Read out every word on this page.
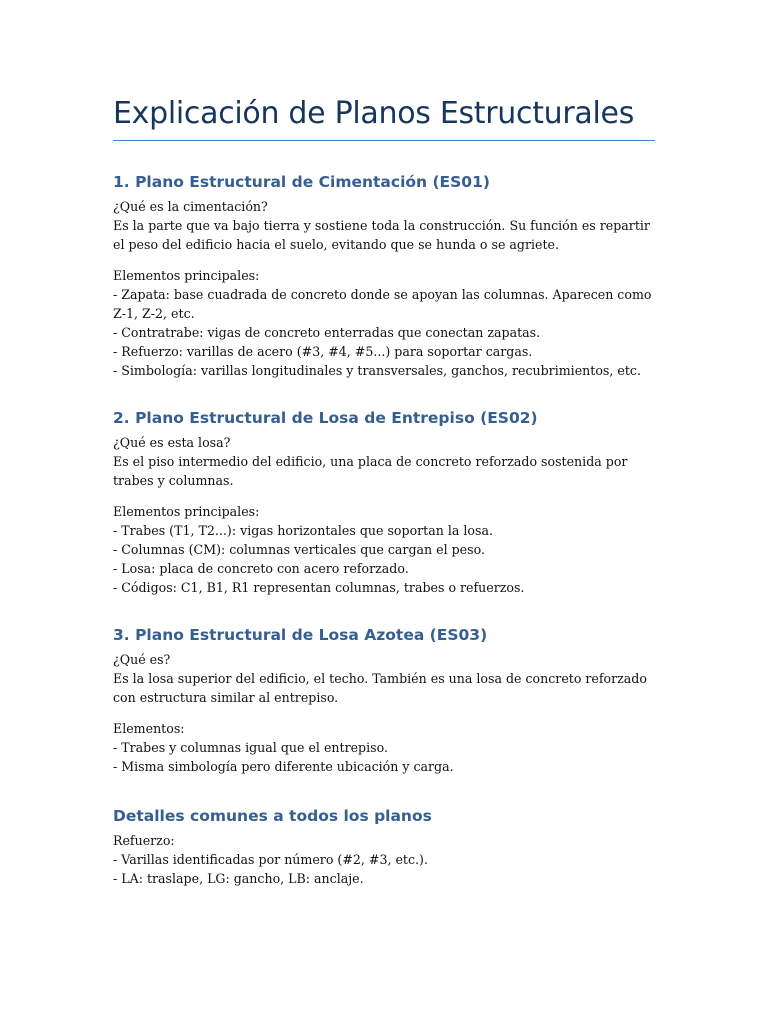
Explicación de Planos Estructurales
1. Plano Estructural de Cimentación (ES01)

¿Qué es la cimentación?

Es la parte que va bajo tierra y sostiene toda la construcción. Su función es repartir el peso del edificio hacia el suelo, evitando que se hunda o se agriete.

Elementos principales:

- Zapata: base cuadrada de concreto donde se apoyan las columnas. Aparecen como Z-1, Z-2, etc.

- Contratrabe: vigas de concreto enterradas que conectan zapatas.

- Refuerzo: varillas de acero (#3, #4, #5...) para soportar cargas.

- Simbología: varillas longitudinales y transversales, ganchos, recubrimientos, etc.

2. Plano Estructural de Losa de Entrepiso (ES02)

¿Qué es esta losa?

Es el piso intermedio del edificio, una placa de concreto reforzado sostenida por trabes y columnas.

Elementos principales:

- Trabes (T1, T2...): vigas horizontales que soportan la losa.

- Columnas (CM): columnas verticales que cargan el peso.

- Losa: placa de concreto con acero reforzado.

- Códigos: C1, B1, R1 representan columnas, trabes o refuerzos.

3. Plano Estructural de Losa Azotea (ES03)

¿Qué es?

Es la losa superior del edificio, el techo. También es una losa de concreto reforzado con estructura similar al entrepiso.

Elementos:

- Trabes y columnas igual que el entrepiso.

- Misma simbología pero diferente ubicación y carga.

Detalles comunes a todos los planos

Refuerzo:

- Varillas identificadas por número (#2, #3, etc.).

- LA: traslape, LG: gancho, LB: anclaje.
